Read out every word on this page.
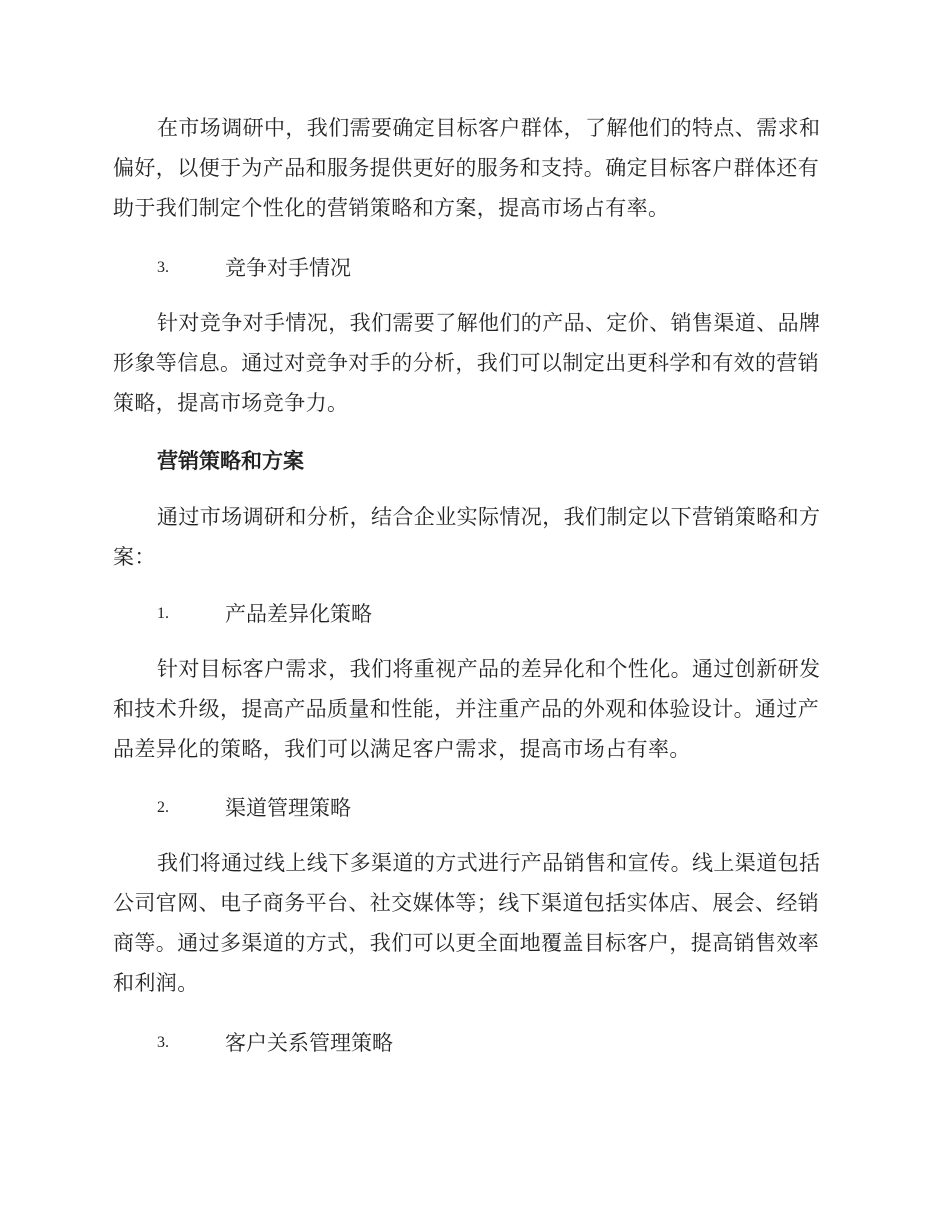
在市场调研中，我们需要确定目标客户群体，了解他们的特点、需求和偏好，以便于为产品和服务提供更好的服务和支持。确定目标客户群体还有助于我们制定个性化的营销策略和方案，提高市场占有率。
3.	竞争对手情况
针对竞争对手情况，我们需要了解他们的产品、定价、销售渠道、品牌形象等信息。通过对竞争对手的分析，我们可以制定出更科学和有效的营销策略，提高市场竞争力。
营销策略和方案
通过市场调研和分析，结合企业实际情况，我们制定以下营销策略和方案：
1.	产品差异化策略
针对目标客户需求，我们将重视产品的差异化和个性化。通过创新研发和技术升级，提高产品质量和性能，并注重产品的外观和体验设计。通过产品差异化的策略，我们可以满足客户需求，提高市场占有率。
2.	渠道管理策略
我们将通过线上线下多渠道的方式进行产品销售和宣传。线上渠道包括公司官网、电子商务平台、社交媒体等；线下渠道包括实体店、展会、经销商等。通过多渠道的方式，我们可以更全面地覆盖目标客户，提高销售效率和利润。
3.	客户关系管理策略
